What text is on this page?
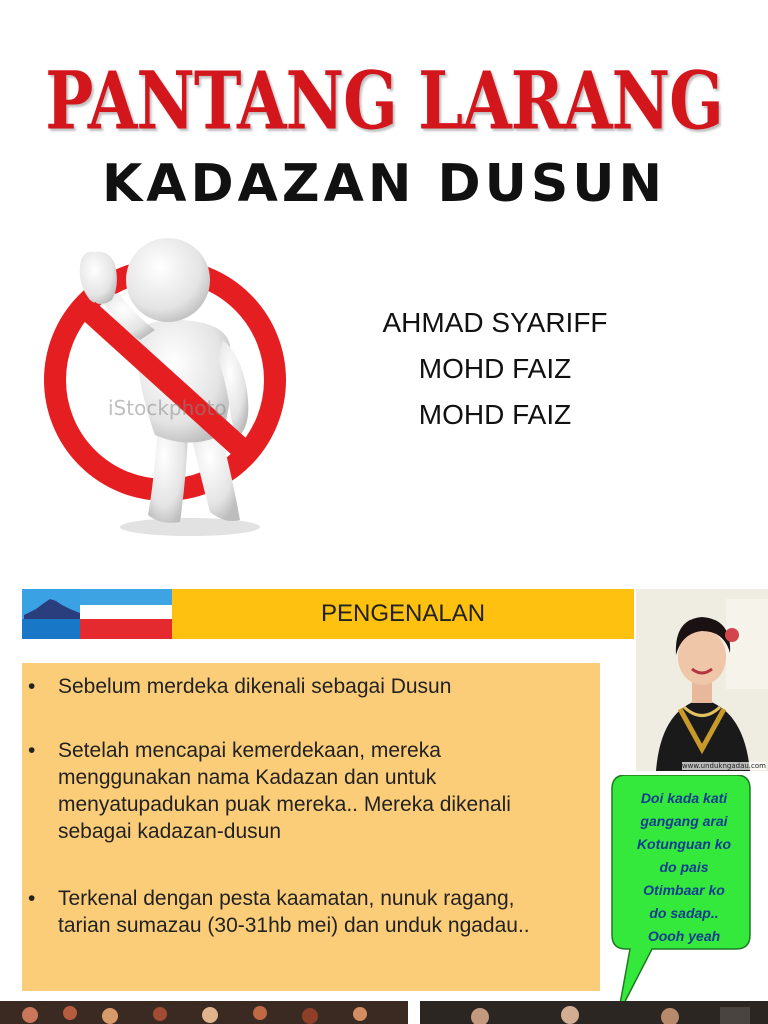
PANTANG LARANG
KADAZAN DUSUN
iStockphoto
AHMAD SYARIFF
MOHD FAIZ
MOHD FAIZ
PENGENALAN
•	Sebelum merdeka dikenali sebagai Dusun
•	Setelah mencapai kemerdekaan, mereka menggunakan nama Kadazan dan untuk menyatupadukan puak mereka.. Mereka dikenali sebagai kadazan-dusun
•	Terkenal dengan pesta kaamatan, nunuk ragang, tarian sumazau (30-31hb mei) dan unduk ngadau..
www.undukngadau.com
Doi kada kati
gangang arai
Kotunguan ko
do pais
Otimbaar ko
do sadap..
Oooh yeah
